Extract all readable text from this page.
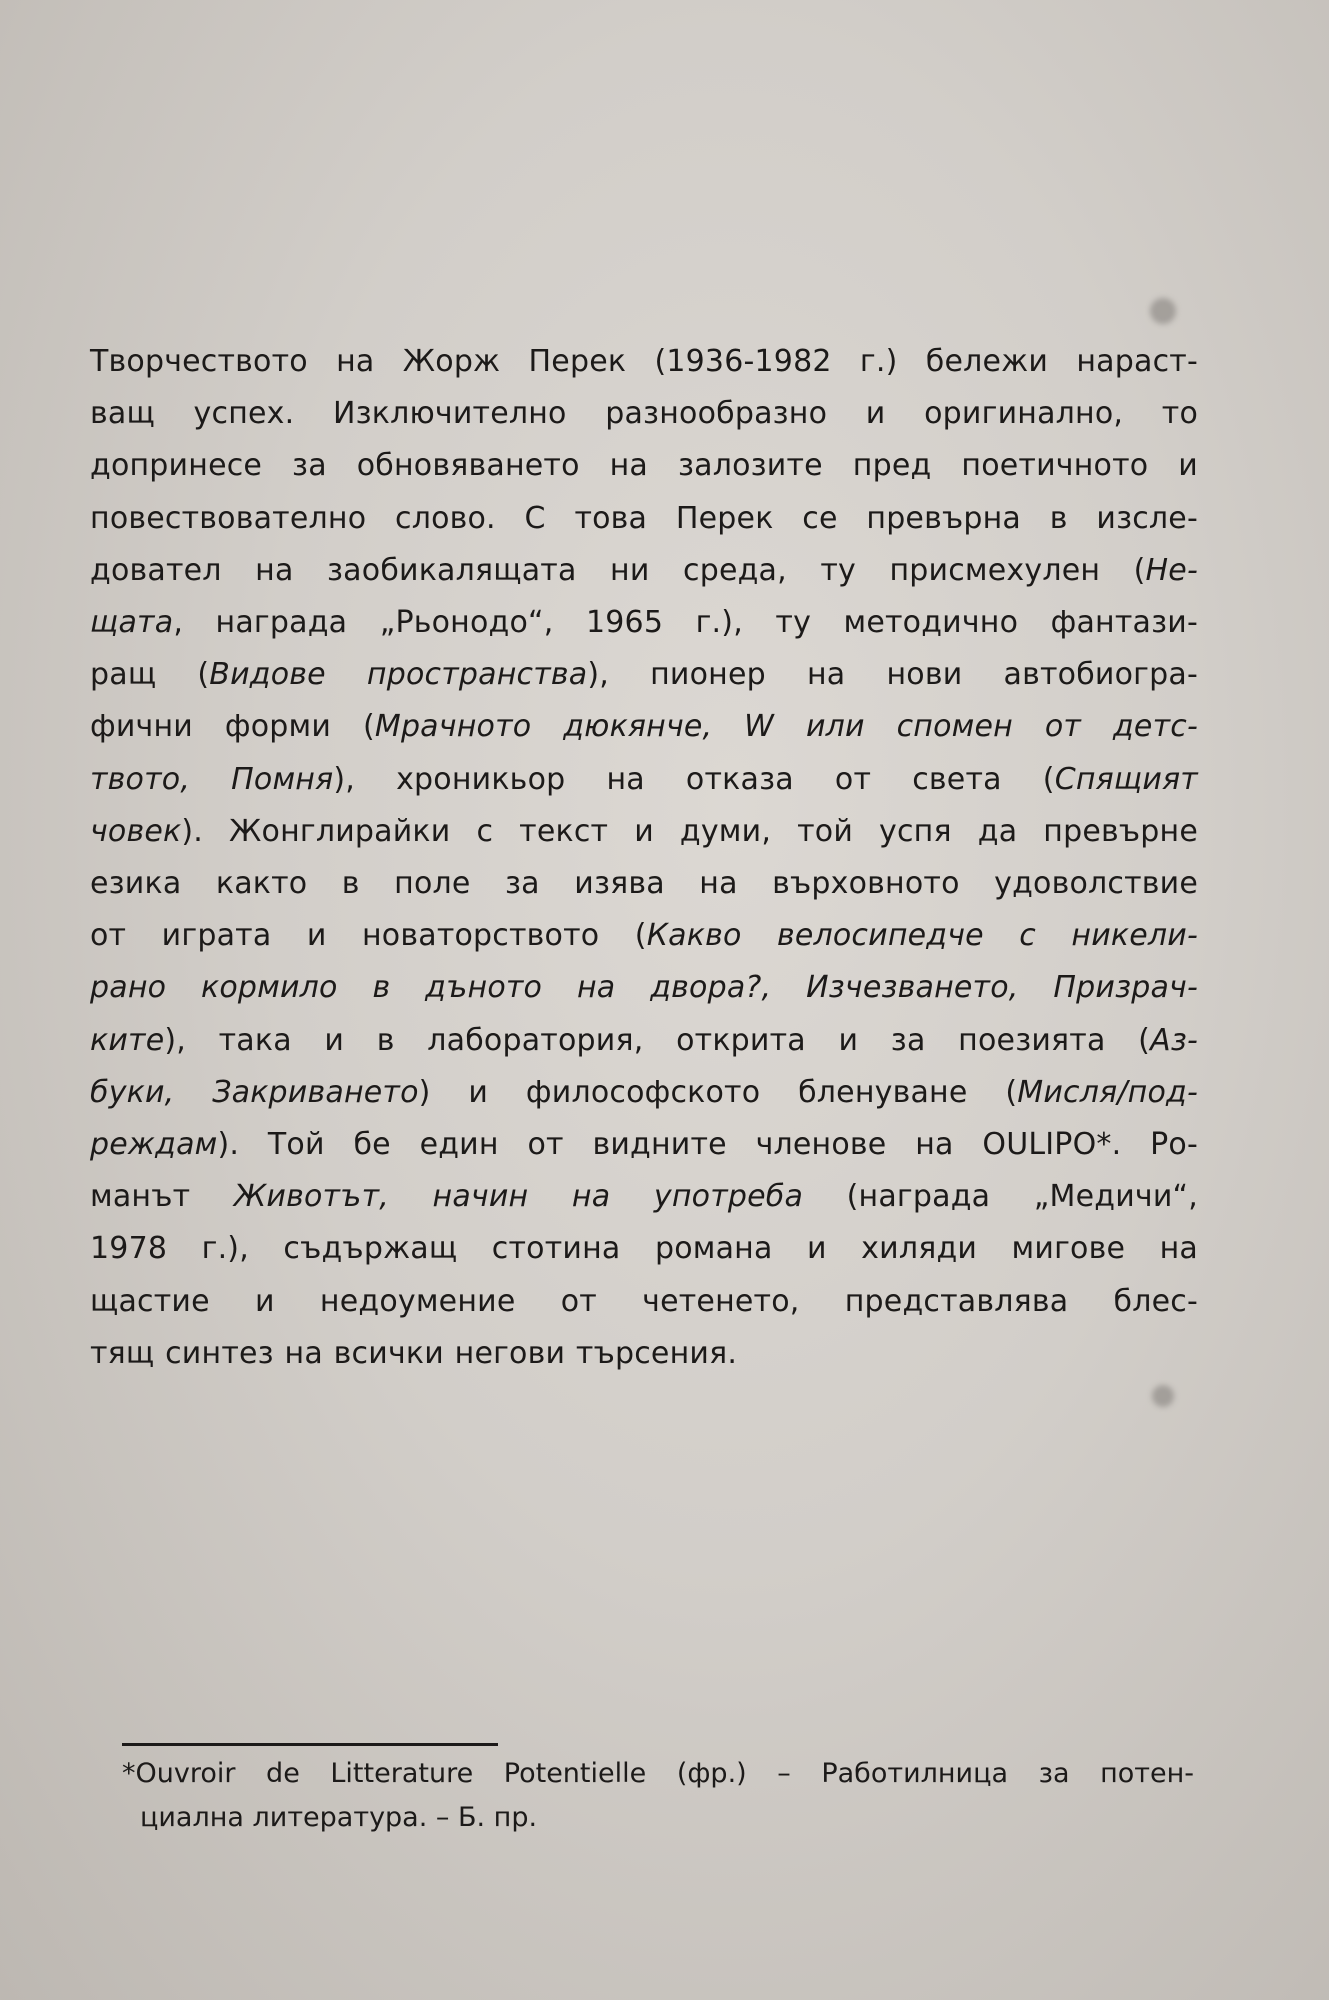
Творчеството на Жорж Перек (1936-1982 г.) бележи нараст-
ващ успех. Изключително разнообразно и оригинално, то
допринесе за обновяването на залозите пред поетичното и
повествователно слово. С това Перек се превърна в изсле-
довател на заобикалящата ни среда, ту присмехулен (Не-
щата, награда „Рьонодо“, 1965 г.), ту методично фантази-
ращ (Видове пространства), пионер на нови автобиогра-
фични форми (Мрачното дюкянче, W или спомен от детс-
твото, Помня), хроникьор на отказа от света (Спящият
човек). Жонглирайки с текст и думи, той успя да превърне
езика както в поле за изява на върховното удоволствие
от играта и новаторството (Какво велосипедче с никели-
рано кормило в дъното на двора?, Изчезването, Призрач-
ките), така и в лаборатория, открита и за поезията (Аз-
буки, Закриването) и философското бленуване (Мисля/под-
реждам). Той бе един от видните членове на OULIPO*. Ро-
манът Животът, начин на употреба (награда „Медичи“,
1978 г.), съдържащ стотина романа и хиляди мигове на
щастие и недоумение от четенето, представлява блес-
тящ синтез на всички негови търсения.
*Ouvroir de Litterature Potentielle (фр.) – Работилница за потен-
циална литература. – Б. пр.
